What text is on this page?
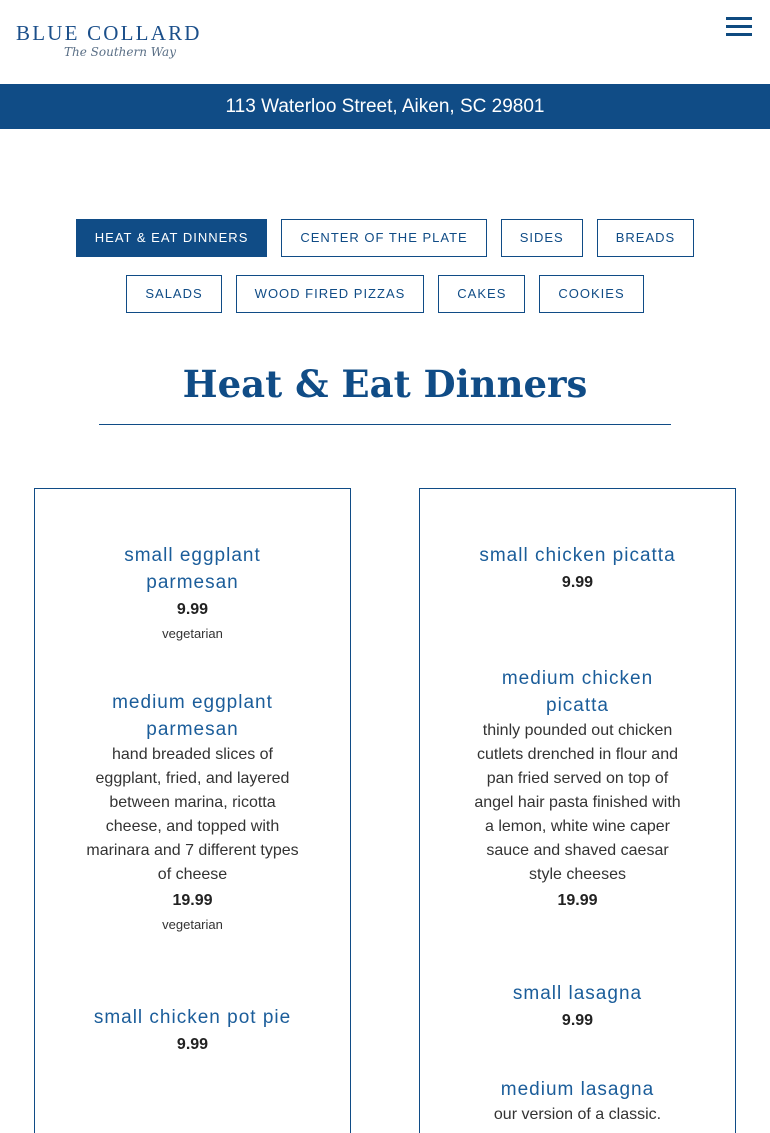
BLUE COLLARD
The Southern Way
113 Waterloo Street, Aiken, SC 29801
HEAT & EAT DINNERS	CENTER OF THE PLATE	SIDES	BREADS
SALADS	WOOD FIRED PIZZAS	CAKES	COOKIES
Heat & Eat Dinners
small eggplant parmesan
9.99
vegetarian
medium eggplant parmesan
hand breaded slices of eggplant, fried, and layered between marina, ricotta cheese, and topped with marinara and 7 different types of cheese
19.99
vegetarian
small chicken pot pie
9.99
small chicken picatta
9.99
medium chicken picatta
thinly pounded out chicken cutlets drenched in flour and pan fried served on top of angel hair pasta finished with a lemon, white wine caper sauce and shaved caesar style cheeses
19.99
small lasagna
9.99
medium lasagna
our version of a classic.
